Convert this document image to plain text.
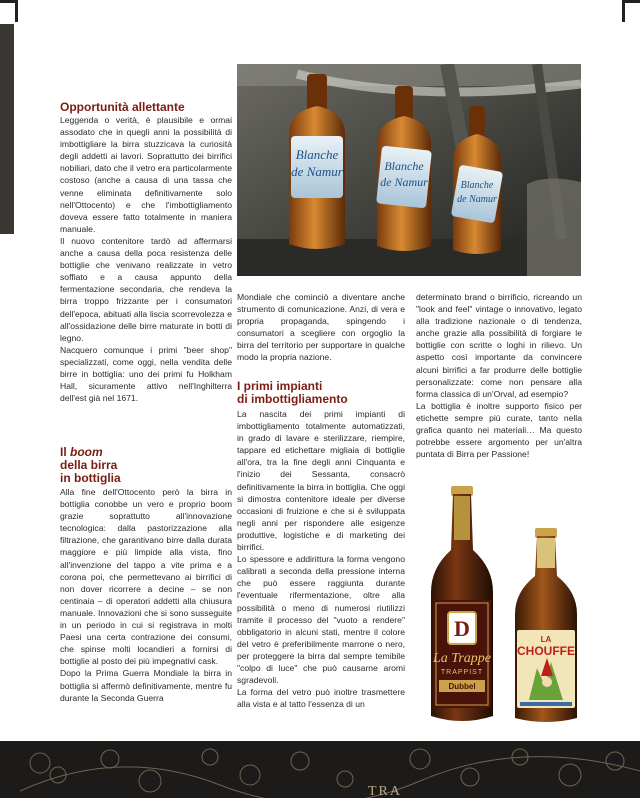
Opportunità allettante

Leggenda o verità, è plausibile e ormai assodato che in quegli anni la possibilità di imbottigliare la birra stuzzicava la curiosità degli addetti ai lavori. Soprattutto dei birrifici nobiliari, dato che il vetro era particolarmente costoso (anche a causa di una tassa che venne eliminata definitivamente solo nell'Ottocento) e che l'imbottigliamento doveva essere fatto totalmente in maniera manuale.

Il nuovo contenitore tardò ad affermarsi anche a causa della poca resistenza delle bottiglie che venivano realizzate in vetro soffiato e a causa appunto della fermentazione secondaria, che rendeva la birra troppo frizzante per i consumatori dell'epoca, abituati alla liscia scorrevolezza e all'ossidazione delle birre maturate in botti di legno.

Nacquero comunque i primi "beer shop" specializzati, come oggi, nella vendita delle birre in bottiglia: uno dei primi fu Holkham Hall, sicuramente attivo nell'Inghilterra dell'est già nel 1671.

Il boom
della birra
in bottiglia

Alla fine dell'Ottocento però la birra in bottiglia conobbe un vero e proprio boom grazie soprattutto all'innovazione tecnologica: dalla pastorizzazione alla filtrazione, che garantivano birre dalla durata maggiore e più limpide alla vista, fino all'invenzione del tappo a vite prima e a corona poi, che permettevano ai birrifici di non dover ricorrere a decine – se non centinaia – di operatori addetti alla chiusura manuale. Innovazioni che si sono susseguite in un periodo in cui si registrava in molti Paesi una certa contrazione dei consumi, che spinse molti locandieri a fornirsi di bottiglie al posto dei più impegnativi cask.

Dopo la Prima Guerra Mondiale la birra in bottiglia si affermò definitivamente, mentre fu durante la Seconda Guerra

Blanche
de Namur	Blanche
de Namur	Blanche
de Namur
Mondiale che cominciò a diventare anche strumento di comunicazione. Anzi, di vera e propria propaganda, spingendo i consumatori a scegliere con orgoglio la birra del territorio per supportare in qualche modo la propria nazione.
I primi impianti
di imbottigliamento

La nascita dei primi impianti di imbottigliamento totalmente automatizzati, in grado di lavare e sterilizzare, riempire, tappare ed etichettare migliaia di bottiglie all'ora, tra la fine degli anni Cinquanta e l'inizio dei Sessanta, consacrò definitivamente la birra in bottiglia. Che oggi si dimostra contenitore ideale per diverse occasioni di fruizione e che si è sviluppata negli anni per rispondere alle esigenze produttive, logistiche e di marketing dei birrifici.

Lo spessore e addirittura la forma vengono calibrati a seconda della pressione interna che può essere raggiunta durante l'eventuale rifermentazione, oltre alla possibilità o meno di numerosi riutilizzi tramite il processo del "vuoto a rendere" obbligatorio in alcuni stati, mentre il colore del vetro è preferibilmente marrone o nero, per proteggere la birra dal sempre temibile "colpo di luce" che può causarne aromi sgradevoli.

La forma del vetro può inoltre trasmettere alla vista e al tatto l'essenza di un

determinato brand o birrificio, ricreando un "look and feel" vintage o innovativo, legato alla tradizione nazionale o di tendenza, anche grazie alla possibilità di forgiare le bottiglie con scritte o loghi in rilievo. Un aspetto così importante da convincere alcuni birrifici a far produrre delle bottiglie personalizzate: come non pensare alla forma classica di un'Orval, ad esempio?

La bottiglia è inoltre supporto fisico per etichette sempre più curate, tanto nella grafica quanto nei materiali… Ma questo potrebbe essere argomento per un'altra puntata di Birra per Passione!

D
La Trappe
TRAPPIST
Dubbel
LA
CHOUFFE
TRA
